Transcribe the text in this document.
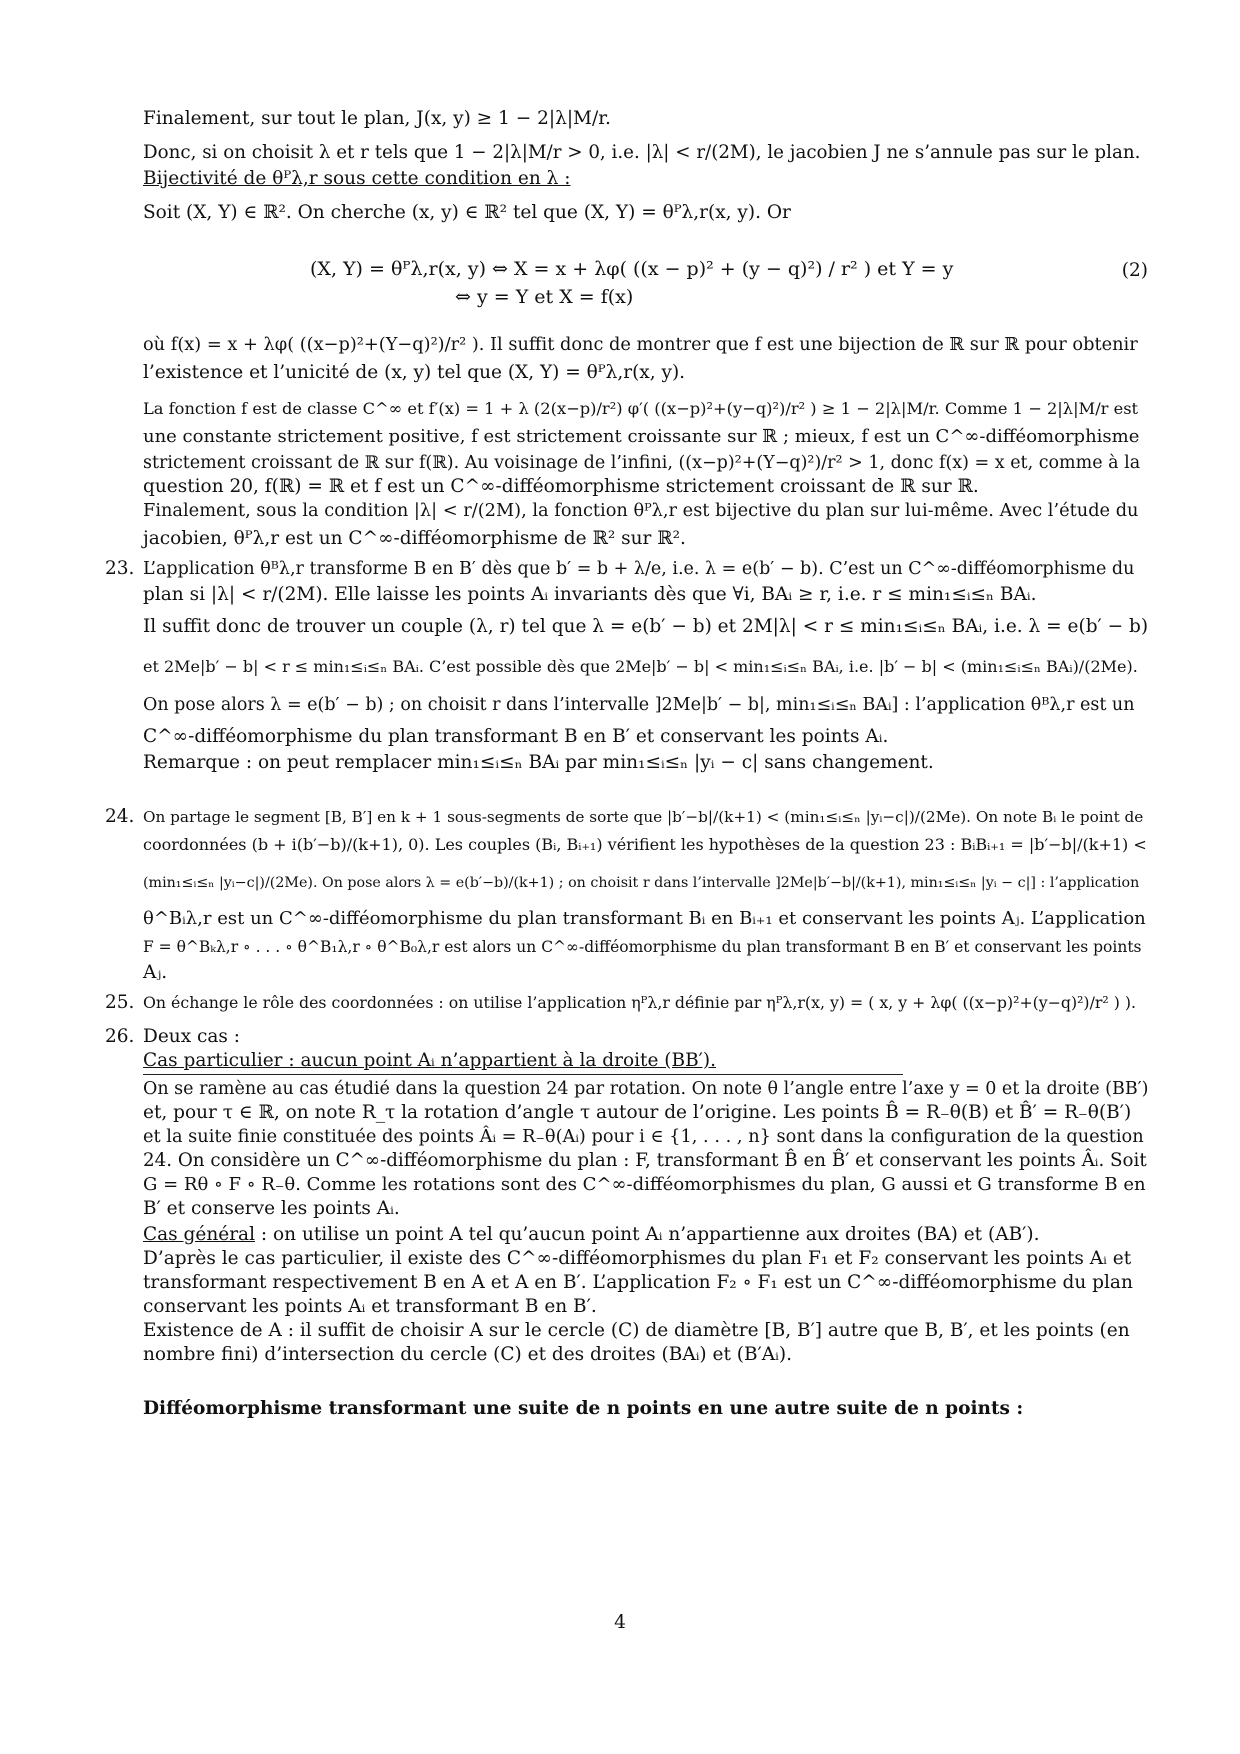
Finalement, sur tout le plan, J(x, y) ≥ 1 − 2|λ|M/r.
Donc, si on choisit λ et r tels que 1 − 2|λ|M/r > 0, i.e. |λ| < r/(2M), le jacobien J ne s’annule pas sur le plan.
Bijectivité de θᴾλ,r sous cette condition en λ :
Soit (X, Y) ∈ ℝ². On cherche (x, y) ∈ ℝ² tel que (X, Y) = θᴾλ,r(x, y). Or
(X, Y) = θᴾλ,r(x, y) ⇔ X = x + λφ( ((x − p)² + (y − q)²) / r² ) et Y = y
⇔ y = Y et X = f(x)
(2)
où f(x) = x + λφ( ((x−p)²+(Y−q)²)/r² ). Il suffit donc de montrer que f est une bijection de ℝ sur ℝ pour obtenir
l’existence et l’unicité de (x, y) tel que (X, Y) = θᴾλ,r(x, y).
La fonction f est de classe C^∞ et f′(x) = 1 + λ (2(x−p)/r²) φ′( ((x−p)²+(y−q)²)/r² ) ≥ 1 − 2|λ|M/r. Comme 1 − 2|λ|M/r est
une constante strictement positive, f est strictement croissante sur ℝ ; mieux, f est un C^∞-difféomorphisme
strictement croissant de ℝ sur f(ℝ). Au voisinage de l’infini, ((x−p)²+(Y−q)²)/r² > 1, donc f(x) = x et, comme à la
question 20, f(ℝ) = ℝ et f est un C^∞-difféomorphisme strictement croissant de ℝ sur ℝ.
Finalement, sous la condition |λ| < r/(2M), la fonction θᴾλ,r est bijective du plan sur lui-même. Avec l’étude du
jacobien, θᴾλ,r est un C^∞-difféomorphisme de ℝ² sur ℝ².
23. L’application θᴮλ,r transforme B en B′ dès que b′ = b + λ/e, i.e. λ = e(b′ − b). C’est un C^∞-difféomorphisme du
plan si |λ| < r/(2M). Elle laisse les points Aᵢ invariants dès que ∀i, BAᵢ ≥ r, i.e. r ≤ min₁≤ᵢ≤ₙ BAᵢ.
Il suffit donc de trouver un couple (λ, r) tel que λ = e(b′ − b) et 2M|λ| < r ≤ min₁≤ᵢ≤ₙ BAᵢ, i.e. λ = e(b′ − b)
et 2Me|b′ − b| < r ≤ min₁≤ᵢ≤ₙ BAᵢ. C’est possible dès que 2Me|b′ − b| < min₁≤ᵢ≤ₙ BAᵢ, i.e. |b′ − b| < (min₁≤ᵢ≤ₙ BAᵢ)/(2Me).
On pose alors λ = e(b′ − b) ; on choisit r dans l’intervalle ]2Me|b′ − b|, min₁≤ᵢ≤ₙ BAᵢ] : l’application θᴮλ,r est un
C^∞-difféomorphisme du plan transformant B en B′ et conservant les points Aᵢ.
Remarque : on peut remplacer min₁≤ᵢ≤ₙ BAᵢ par min₁≤ᵢ≤ₙ |yᵢ − c| sans changement.
24. On partage le segment [B, B′] en k + 1 sous-segments de sorte que |b′−b|/(k+1) < (min₁≤ᵢ≤ₙ |yᵢ−c|)/(2Me). On note Bᵢ le point de
coordonnées (b + i(b′−b)/(k+1), 0). Les couples (Bᵢ, Bᵢ₊₁) vérifient les hypothèses de la question 23 : BᵢBᵢ₊₁ = |b′−b|/(k+1) <
(min₁≤ᵢ≤ₙ |yᵢ−c|)/(2Me). On pose alors λ = e(b′−b)/(k+1) ; on choisit r dans l’intervalle ]2Me|b′−b|/(k+1), min₁≤ᵢ≤ₙ |yᵢ − c|] : l’application
θ^Bᵢλ,r est un C^∞-difféomorphisme du plan transformant Bᵢ en Bᵢ₊₁ et conservant les points Aⱼ. L’application
F = θ^Bₖλ,r ∘ . . . ∘ θ^B₁λ,r ∘ θ^B₀λ,r est alors un C^∞-difféomorphisme du plan transformant B en B′ et conservant les points
Aⱼ.
25. On échange le rôle des coordonnées : on utilise l’application ηᴾλ,r définie par ηᴾλ,r(x, y) = ( x, y + λφ( ((x−p)²+(y−q)²)/r² ) ).
26. Deux cas :
Cas particulier : aucun point Aᵢ n’appartient à la droite (BB′).
On se ramène au cas étudié dans la question 24 par rotation. On note θ l’angle entre l’axe y = 0 et la droite (BB′)
et, pour τ ∈ ℝ, on note R_τ la rotation d’angle τ autour de l’origine. Les points B̂ = R₋θ(B) et B̂′ = R₋θ(B′)
et la suite finie constituée des points Âᵢ = R₋θ(Aᵢ) pour i ∈ {1, . . . , n} sont dans la configuration de la question
24. On considère un C^∞-difféomorphisme du plan : F, transformant B̂ en B̂′ et conservant les points Âᵢ. Soit
G = Rθ ∘ F ∘ R₋θ. Comme les rotations sont des C^∞-difféomorphismes du plan, G aussi et G transforme B en
B′ et conserve les points Aᵢ.
Cas général : on utilise un point A tel qu’aucun point Aᵢ n’appartienne aux droites (BA) et (AB′).
D’après le cas particulier, il existe des C^∞-difféomorphismes du plan F₁ et F₂ conservant les points Aᵢ et
transformant respectivement B en A et A en B′. L’application F₂ ∘ F₁ est un C^∞-difféomorphisme du plan
conservant les points Aᵢ et transformant B en B′.
Existence de A : il suffit de choisir A sur le cercle (C) de diamètre [B, B′] autre que B, B′, et les points (en
nombre fini) d’intersection du cercle (C) et des droites (BAᵢ) et (B′Aᵢ).
Difféomorphisme transformant une suite de n points en une autre suite de n points :
4
